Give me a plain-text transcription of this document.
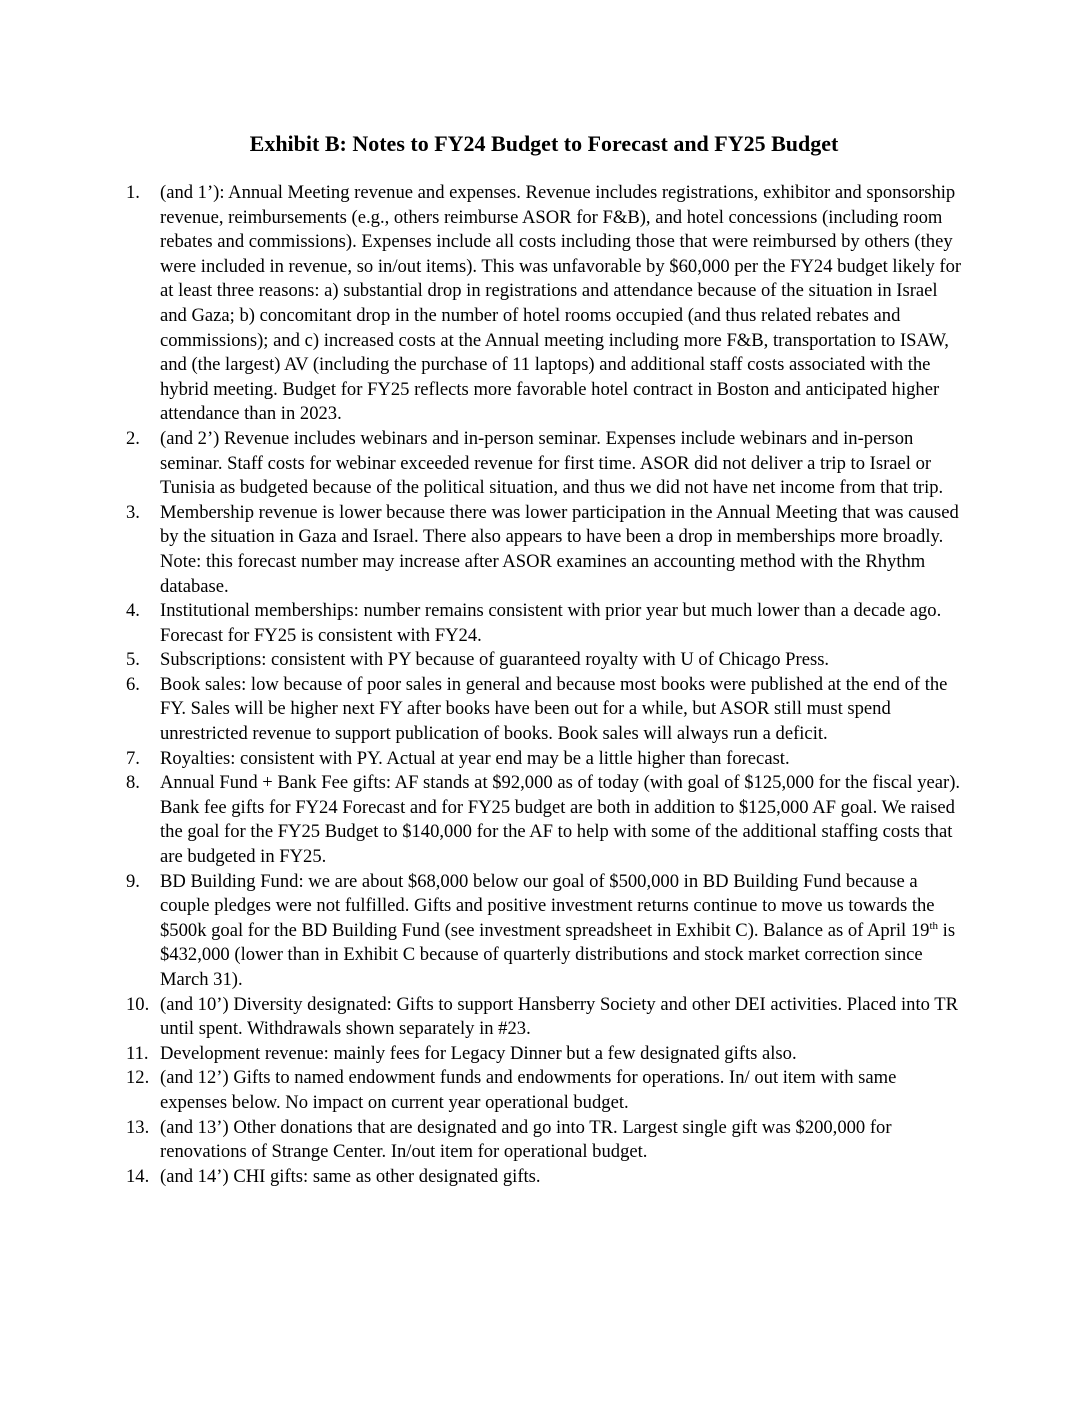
Exhibit B: Notes to FY24 Budget to Forecast and FY25 Budget
1.	(and 1’): Annual Meeting revenue and expenses. Revenue includes registrations, exhibitor and sponsorship revenue, reimbursements (e.g., others reimburse ASOR for F&B), and hotel concessions (including room rebates and commissions). Expenses include all costs including those that were reimbursed by others (they were included in revenue, so in/out items). This was unfavorable by $60,000 per the FY24 budget likely for at least three reasons: a) substantial drop in registrations and attendance because of the situation in Israel and Gaza; b) concomitant drop in the number of hotel rooms occupied (and thus related rebates and commissions); and c) increased costs at the Annual meeting including more F&B, transportation to ISAW, and (the largest) AV (including the purchase of 11 laptops) and additional staff costs associated with the hybrid meeting. Budget for FY25 reflects more favorable hotel contract in Boston and anticipated higher attendance than in 2023.
2.	(and 2’) Revenue includes webinars and in-person seminar. Expenses include webinars and in-person seminar. Staff costs for webinar exceeded revenue for first time. ASOR did not deliver a trip to Israel or Tunisia as budgeted because of the political situation, and thus we did not have net income from that trip.
3.	Membership revenue is lower because there was lower participation in the Annual Meeting that was caused by the situation in Gaza and Israel. There also appears to have been a drop in memberships more broadly. Note: this forecast number may increase after ASOR examines an accounting method with the Rhythm database.
4.	Institutional memberships: number remains consistent with prior year but much lower than a decade ago. Forecast for FY25 is consistent with FY24.
5.	Subscriptions: consistent with PY because of guaranteed royalty with U of Chicago Press.
6.	Book sales: low because of poor sales in general and because most books were published at the end of the FY. Sales will be higher next FY after books have been out for a while, but ASOR still must spend unrestricted revenue to support publication of books. Book sales will always run a deficit.
7.	Royalties: consistent with PY. Actual at year end may be a little higher than forecast.
8.	Annual Fund + Bank Fee gifts: AF stands at $92,000 as of today (with goal of $125,000 for the fiscal year). Bank fee gifts for FY24 Forecast and for FY25 budget are both in addition to $125,000 AF goal. We raised the goal for the FY25 Budget to $140,000 for the AF to help with some of the additional staffing costs that are budgeted in FY25.
9.	BD Building Fund: we are about $68,000 below our goal of $500,000 in BD Building Fund because a couple pledges were not fulfilled. Gifts and positive investment returns continue to move us towards the $500k goal for the BD Building Fund (see investment spreadsheet in Exhibit C). Balance as of April 19th is $432,000 (lower than in Exhibit C because of quarterly distributions and stock market correction since March 31).
10. (and 10’) Diversity designated: Gifts to support Hansberry Society and other DEI activities. Placed into TR until spent. Withdrawals shown separately in #23.
11. Development revenue: mainly fees for Legacy Dinner but a few designated gifts also.
12. (and 12’) Gifts to named endowment funds and endowments for operations. In/ out item with same expenses below. No impact on current year operational budget.
13. (and 13’) Other donations that are designated and go into TR. Largest single gift was $200,000 for renovations of Strange Center. In/out item for operational budget.
14. (and 14’) CHI gifts: same as other designated gifts.
